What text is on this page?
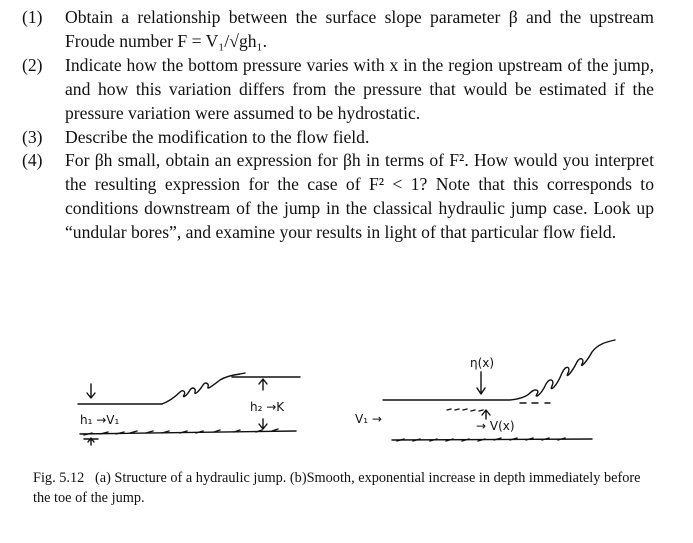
(1)	Obtain a relationship between the surface slope parameter β and the upstream Froude number F = V₁/√gh₁.
(2)	Indicate how the bottom pressure varies with x in the region upstream of the jump, and how this variation differs from the pressure that would be estimated if the pressure variation were assumed to be hydrostatic.
(3)	Describe the modification to the flow field.
(4)	For βh small, obtain an expression for βh in terms of F². How would you interpret the resulting expression for the case of F² < 1? Note that this corresponds to conditions downstream of the jump in the classical hydraulic jump case. Look up “undular bores”, and examine your results in light of that particular flow field.
h₁ →V₁
h₂ →K
η(x)
V₁ →	→ V(x)
Fig. 5.12 (a) Structure of a hydraulic jump. (b)Smooth, exponential increase in depth immediately before the toe of the jump.
